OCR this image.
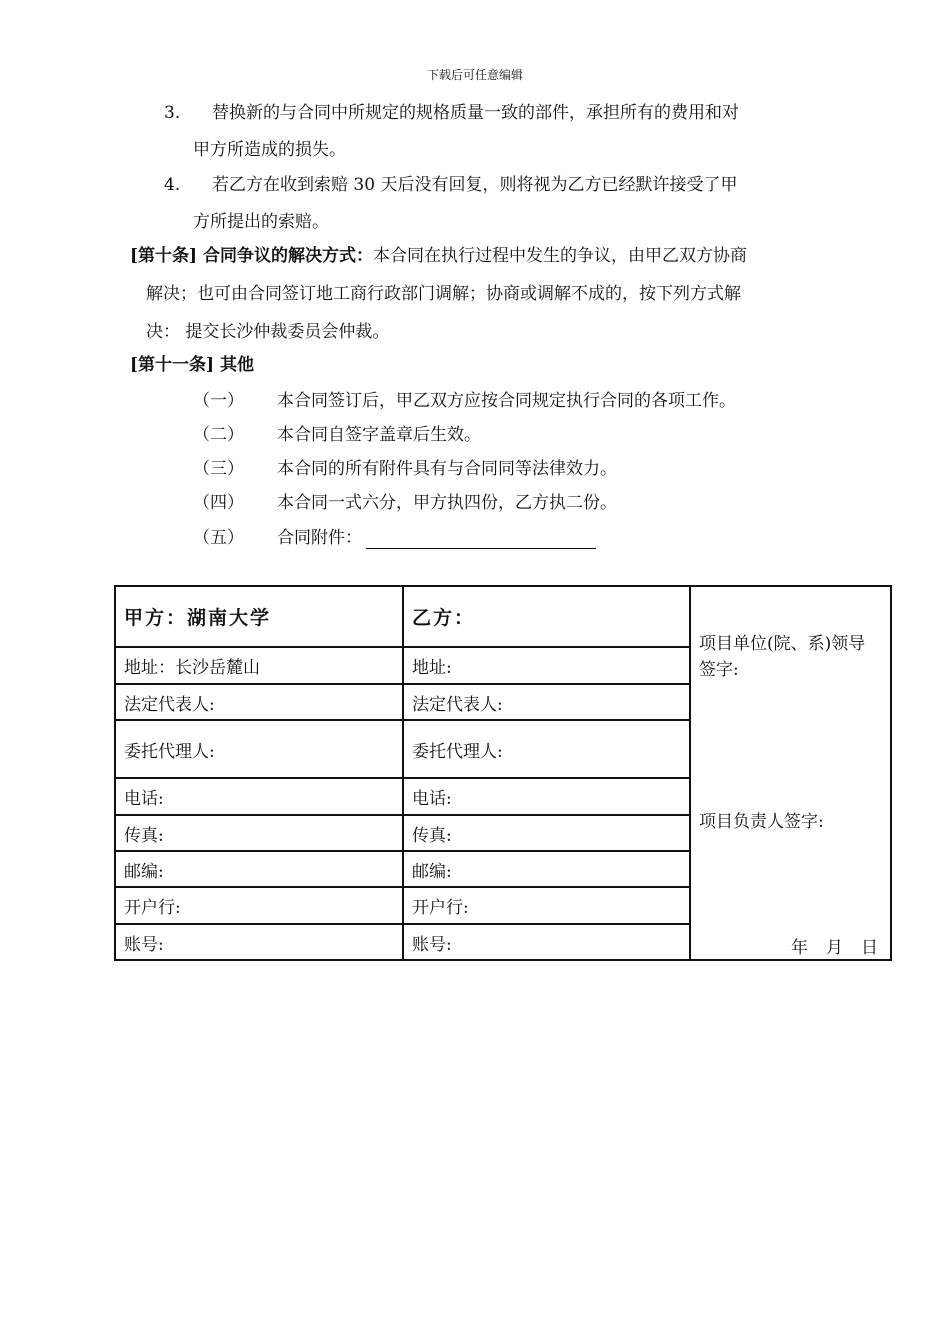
下载后可任意编辑
3. 替换新的与合同中所规定的规格质量一致的部件，承担所有的费用和对
甲方所造成的损失。
4. 若乙方在收到索赔 30 天后没有回复，则将视为乙方已经默许接受了甲
方所提出的索赔。
[第十条] 合同争议的解决方式：本合同在执行过程中发生的争议，由甲乙双方协商
解决；也可由合同签订地工商行政部门调解；协商或调解不成的，按下列方式解
决： 提交长沙仲裁委员会仲裁。
[第十一条] 其他
（一） 本合同签订后，甲乙双方应按合同规定执行合同的各项工作。
（二） 本合同自签字盖章后生效。
（三） 本合同的所有附件具有与合同同等法律效力。
（四） 本合同一式六分，甲方执四份，乙方执二份。
（五） 合同附件：
甲方：湖南大学	乙方：	项目单位(院、系)领导签字:
项目负责人签字:
年 月 日

地址：长沙岳麓山	地址:	
法定代表人:	法定代表人:	
委托代理人:	委托代理人:	
电话:	电话:	
传真:	传真:	
邮编:	邮编:	
开户行:	开户行:	
账号:	账号:	
